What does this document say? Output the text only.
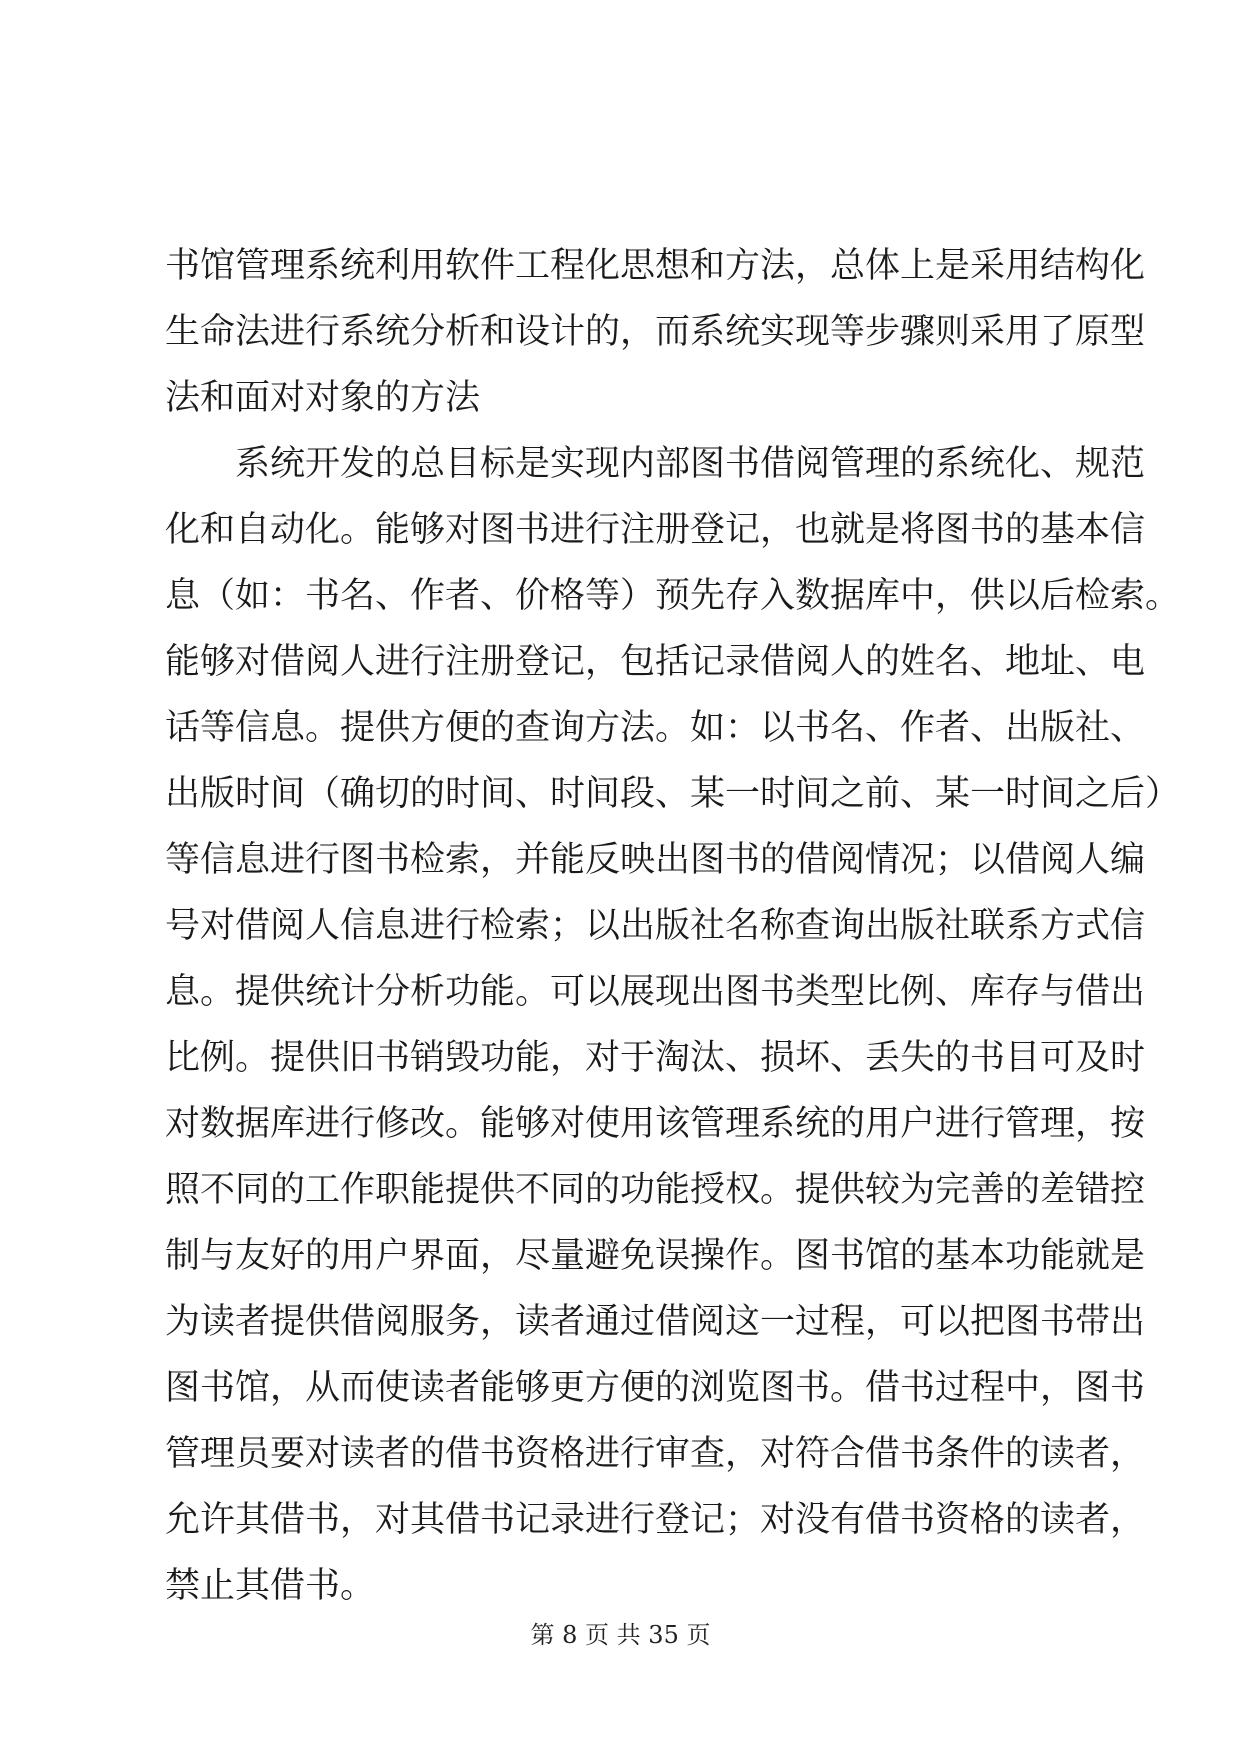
书馆管理系统利用软件工程化思想和方法，总体上是采用结构化
生命法进行系统分析和设计的，而系统实现等步骤则采用了原型
法和面对对象的方法
系统开发的总目标是实现内部图书借阅管理的系统化、规范
化和自动化。能够对图书进行注册登记，也就是将图书的基本信
息（如：书名、作者、价格等）预先存入数据库中，供以后检索。
能够对借阅人进行注册登记，包括记录借阅人的姓名、地址、电
话等信息。提供方便的查询方法。如：以书名、作者、出版社、
出版时间（确切的时间、时间段、某一时间之前、某一时间之后）
等信息进行图书检索，并能反映出图书的借阅情况；以借阅人编
号对借阅人信息进行检索；以出版社名称查询出版社联系方式信
息。提供统计分析功能。可以展现出图书类型比例、库存与借出
比例。提供旧书销毁功能，对于淘汰、损坏、丢失的书目可及时
对数据库进行修改。能够对使用该管理系统的用户进行管理，按
照不同的工作职能提供不同的功能授权。提供较为完善的差错控
制与友好的用户界面，尽量避免误操作。图书馆的基本功能就是
为读者提供借阅服务，读者通过借阅这一过程，可以把图书带出
图书馆，从而使读者能够更方便的浏览图书。借书过程中，图书
管理员要对读者的借书资格进行审查，对符合借书条件的读者，
允许其借书，对其借书记录进行登记；对没有借书资格的读者，
禁止其借书。
第 8 页 共 35 页
